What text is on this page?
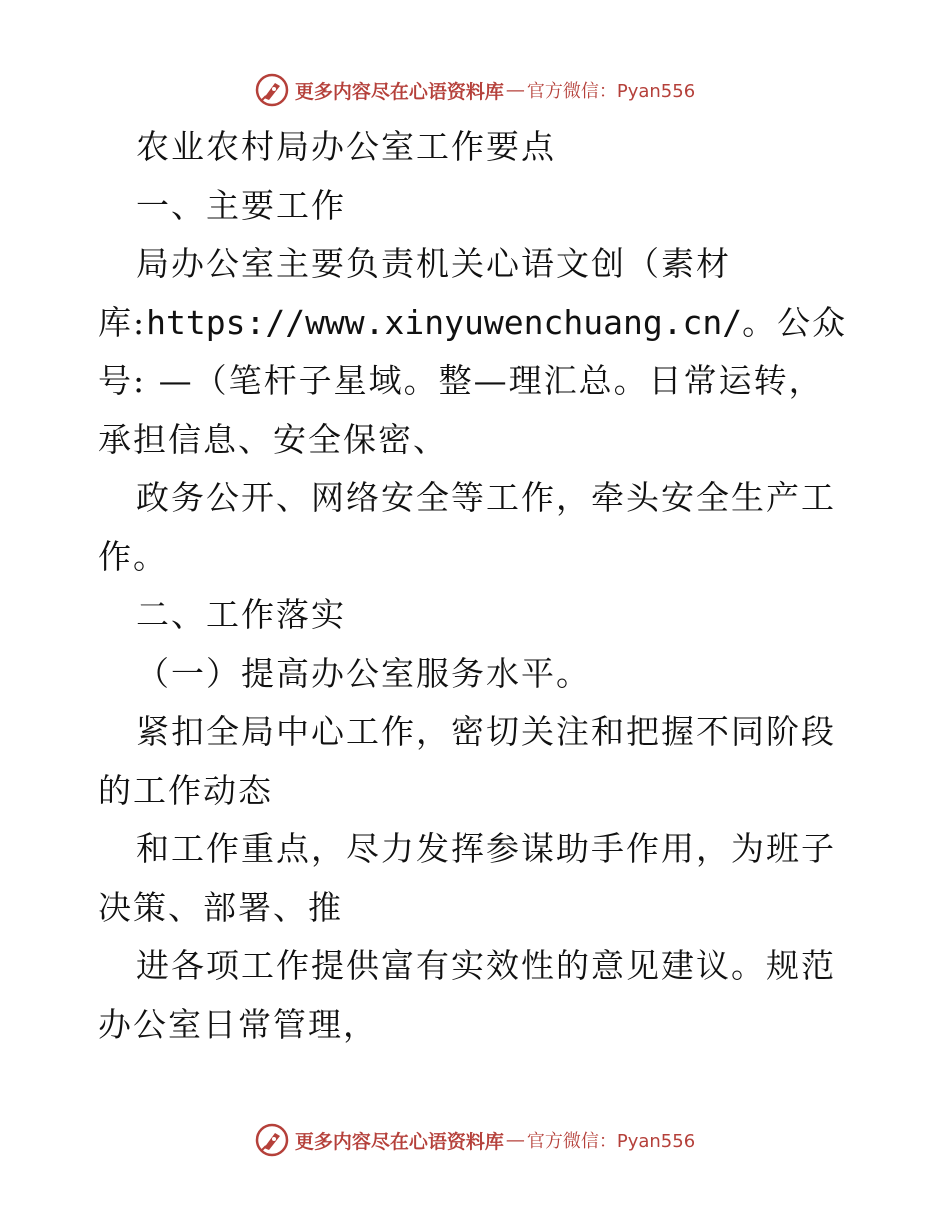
更多内容尽在心语资料库 — 官方微信：Pyan556

农业农村局办公室工作要点

一、主要工作

局办公室主要负责机关心语文创（素材库:https://www.xinyuwenchuang.cn/。公众号: —（笔杆子星域。整—理汇总。日常运转，承担信息、安全保密、

政务公开、网络安全等工作，牵头安全生产工作。

二、工作落实

（一）提高办公室服务水平。

紧扣全局中心工作，密切关注和把握不同阶段的工作动态

和工作重点，尽力发挥参谋助手作用，为班子决策、部署、推

进各项工作提供富有实效性的意见建议。规范办公室日常管理，

更多内容尽在心语资料库 — 官方微信：Pyan556
